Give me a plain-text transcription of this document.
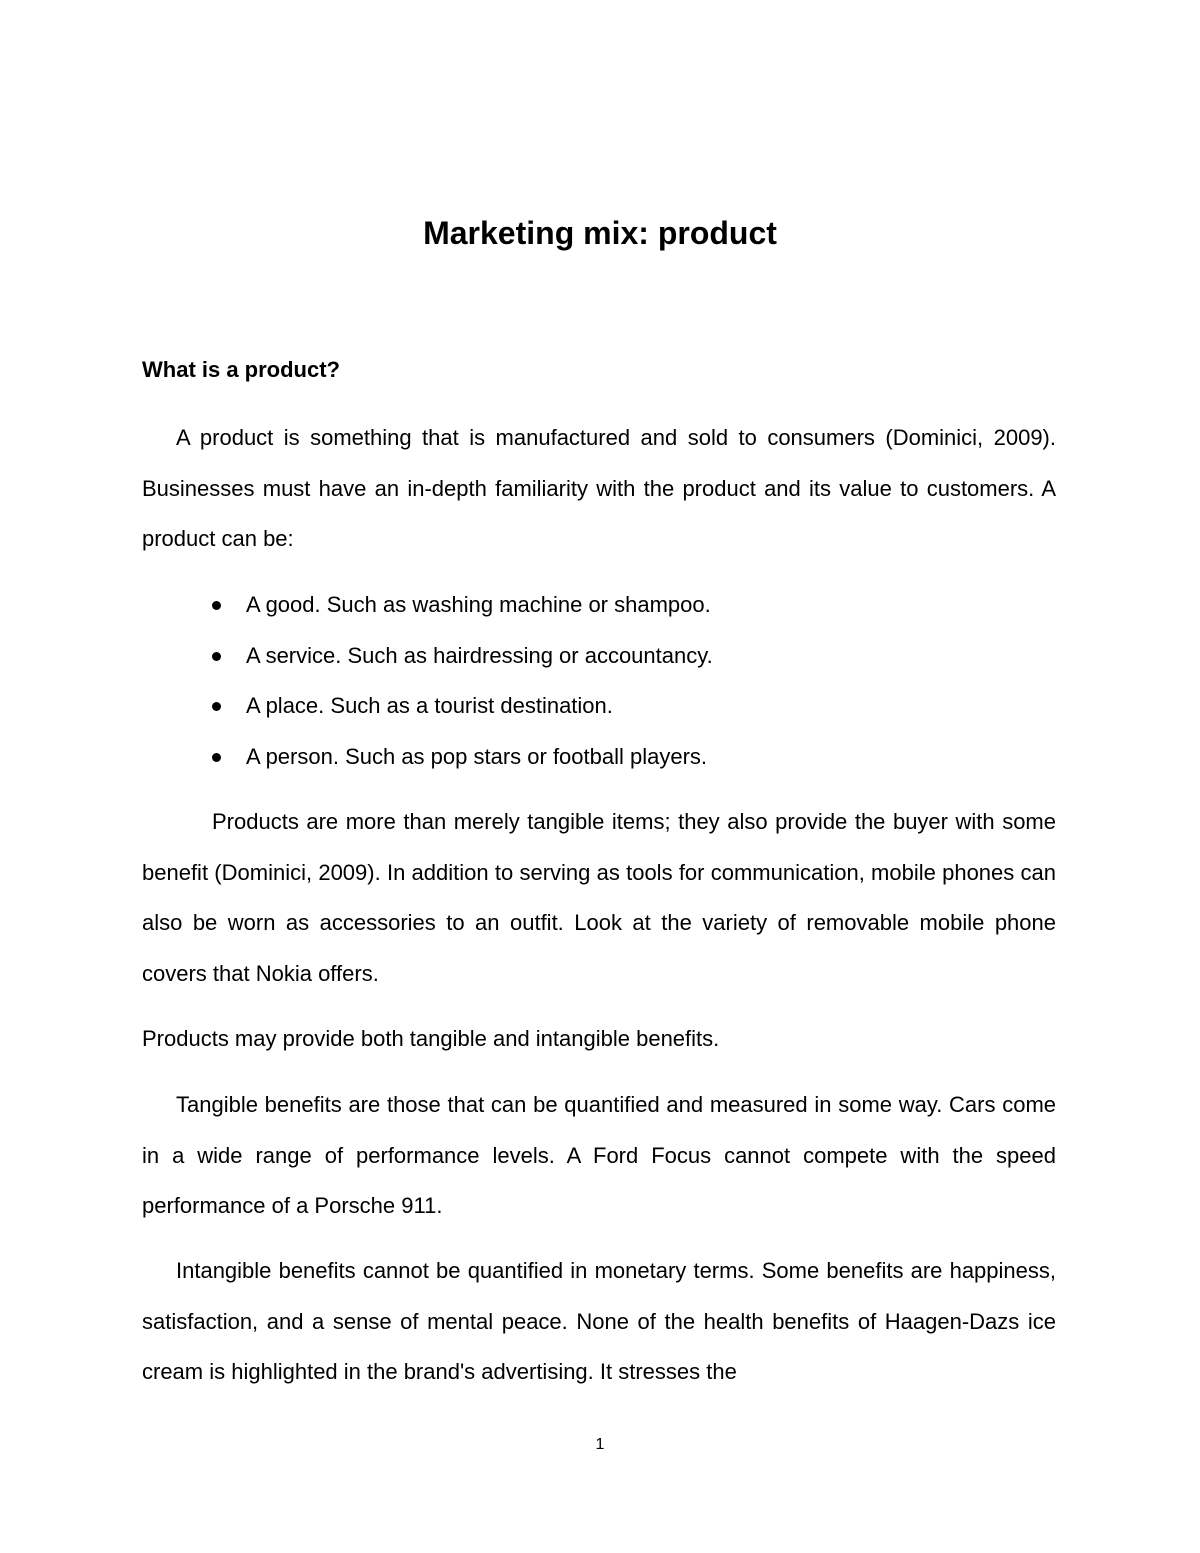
Marketing mix: product
What is a product?
A product is something that is manufactured and sold to consumers (Dominici, 2009). Businesses must have an in-depth familiarity with the product and its value to customers. A product can be:
A good. Such as washing machine or shampoo.
A service. Such as hairdressing or accountancy.
A place. Such as a tourist destination.
A person. Such as pop stars or football players.
Products are more than merely tangible items; they also provide the buyer with some benefit (Dominici, 2009). In addition to serving as tools for communication, mobile phones can also be worn as accessories to an outfit. Look at the variety of removable mobile phone covers that Nokia offers.
Products may provide both tangible and intangible benefits.
Tangible benefits are those that can be quantified and measured in some way. Cars come in a wide range of performance levels. A Ford Focus cannot compete with the speed performance of a Porsche 911.
Intangible benefits cannot be quantified in monetary terms. Some benefits are happiness, satisfaction, and a sense of mental peace. None of the health benefits of Haagen-Dazs ice cream is highlighted in the brand's advertising. It stresses the
1
